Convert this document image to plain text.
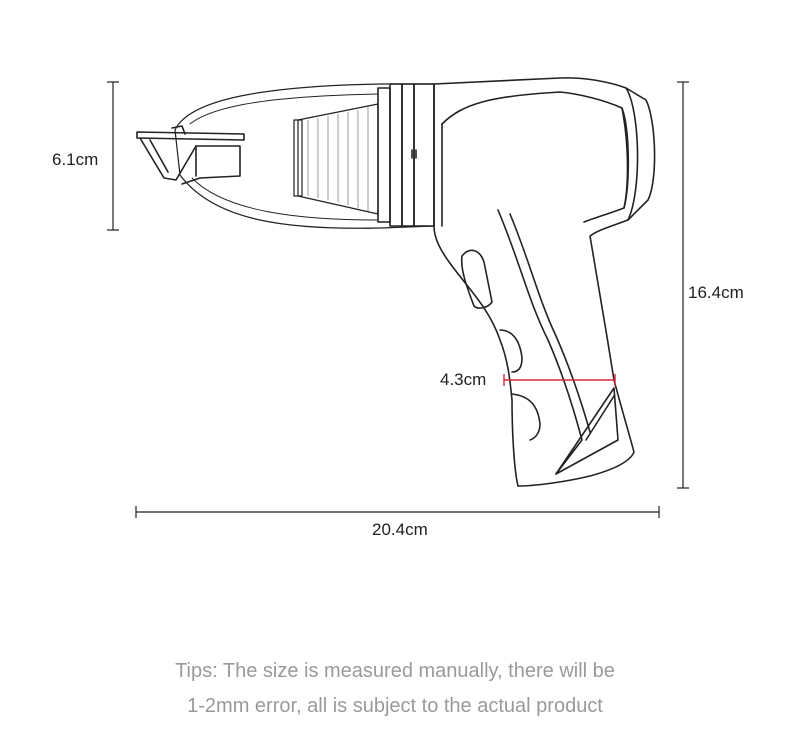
6.1cm
16.4cm
4.3cm
20.4cm
Tips: The size is measured manually, there will be
1-2mm error, all is subject to the actual product
